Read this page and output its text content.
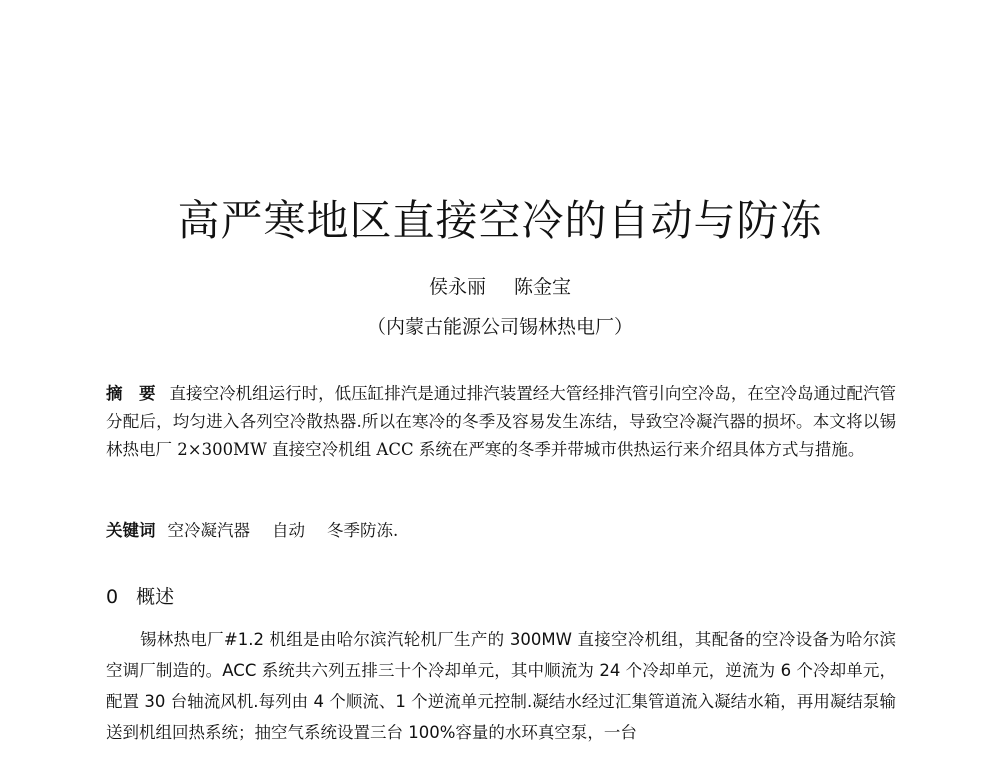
高严寒地区直接空冷的自动与防冻
侯永丽 陈金宝
（内蒙古能源公司锡林热电厂）
摘　要 直接空冷机组运行时，低压缸排汽是通过排汽装置经大管经排汽管引向空冷岛，在空冷岛通过配汽管分配后，均匀进入各列空冷散热器.所以在寒冷的冬季及容易发生冻结，导致空冷凝汽器的损坏。本文将以锡林热电厂 2×300MW 直接空冷机组 ACC 系统在严寒的冬季并带城市供热运行来介绍具体方式与措施。
关键词 空冷凝汽器 自动 冬季防冻.
0 概述
锡林热电厂#1.2 机组是由哈尔滨汽轮机厂生产的 300MW 直接空冷机组，其配备的空冷设备为哈尔滨空调厂制造的。ACC 系统共六列五排三十个冷却单元，其中顺流为 24 个冷却单元，逆流为 6 个冷却单元，配置 30 台轴流风机.每列由 4 个顺流、1 个逆流单元控制.凝结水经过汇集管道流入凝结水箱，再用凝结泵输送到机组回热系统；抽空气系统设置三台 100%容量的水环真空泵，一台
